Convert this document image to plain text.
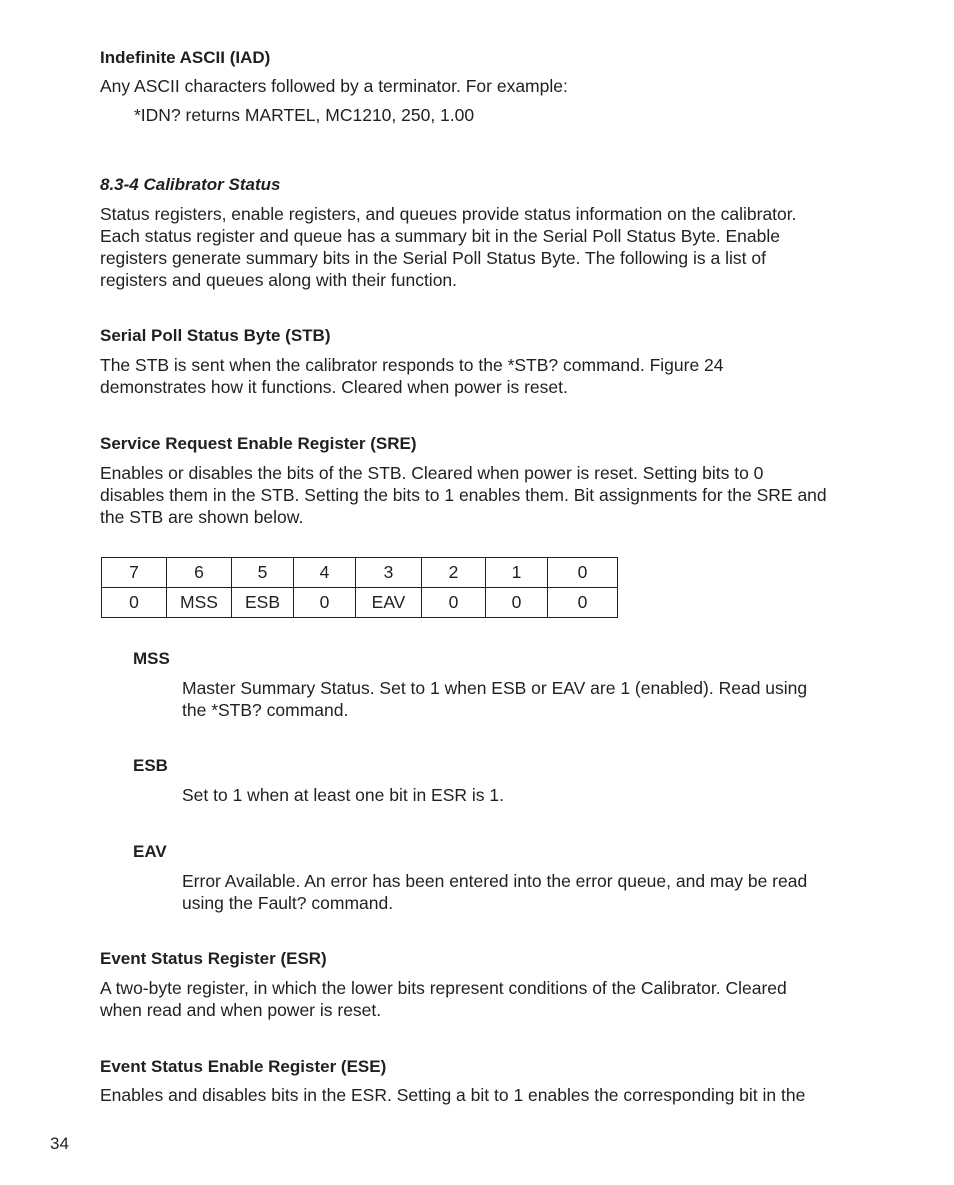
Indefinite ASCII (IAD)
Any ASCII characters followed by a terminator. For example:
*IDN? returns MARTEL, MC1210, 250, 1.00
8.3-4 Calibrator Status
Status registers, enable registers, and queues provide status information on the calibrator.
Each status register and queue has a summary bit in the Serial Poll Status Byte. Enable
registers generate summary bits in the Serial Poll Status Byte. The following is a list of
registers and queues along with their function.
Serial Poll Status Byte (STB)
The STB is sent when the calibrator responds to the *STB? command. Figure 24
demonstrates how it functions. Cleared when power is reset.
Service Request Enable Register (SRE)
Enables or disables the bits of the STB. Cleared when power is reset. Setting bits to 0
disables them in the STB. Setting the bits to 1 enables them. Bit assignments for the SRE and
the STB are shown below.
7	6	5	4	3	2	1	0
0	MSS	ESB	0	EAV	0	0	0
MSS
Master Summary Status. Set to 1 when ESB or EAV are 1 (enabled). Read using
the *STB? command.
ESB
Set to 1 when at least one bit in ESR is 1.
EAV
Error Available. An error has been entered into the error queue, and may be read
using the Fault? command.
Event Status Register (ESR)
A two-byte register, in which the lower bits represent conditions of the Calibrator. Cleared
when read and when power is reset.
Event Status Enable Register (ESE)
Enables and disables bits in the ESR. Setting a bit to 1 enables the corresponding bit in the
34
